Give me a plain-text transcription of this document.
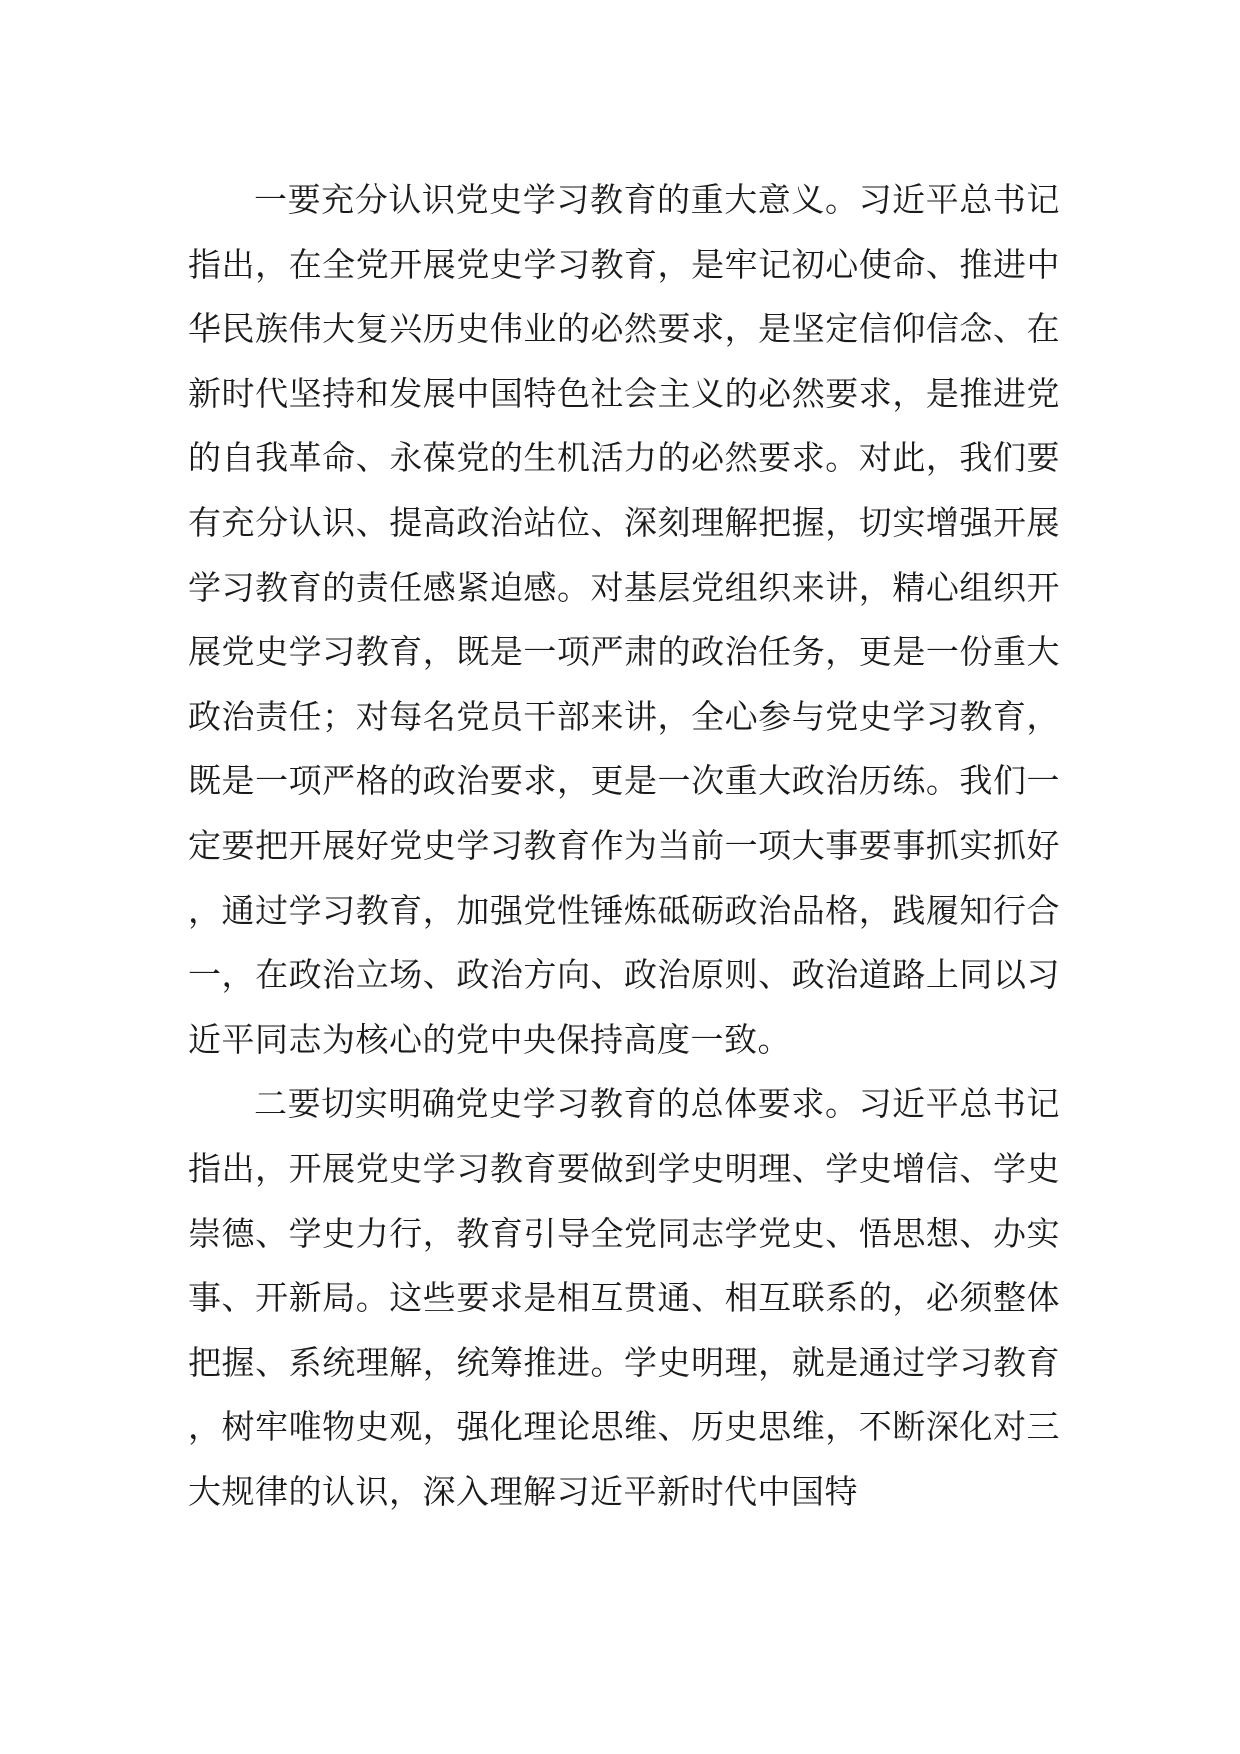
一要充分认识党史学习教育的重大意义。习近平总书记指出，在全党开展党史学习教育，是牢记初心使命、推进中华民族伟大复兴历史伟业的必然要求，是坚定信仰信念、在新时代坚持和发展中国特色社会主义的必然要求，是推进党的自我革命、永葆党的生机活力的必然要求。对此，我们要有充分认识、提高政治站位、深刻理解把握，切实增强开展学习教育的责任感紧迫感。对基层党组织来讲，精心组织开展党史学习教育，既是一项严肃的政治任务，更是一份重大政治责任；对每名党员干部来讲，全心参与党史学习教育，既是一项严格的政治要求，更是一次重大政治历练。我们一定要把开展好党史学习教育作为当前一项大事要事抓实抓好，通过学习教育，加强党性锤炼砥砺政治品格，践履知行合一，在政治立场、政治方向、政治原则、政治道路上同以习近平同志为核心的党中央保持高度一致。

二要切实明确党史学习教育的总体要求。习近平总书记指出，开展党史学习教育要做到学史明理、学史增信、学史崇德、学史力行，教育引导全党同志学党史、悟思想、办实事、开新局。这些要求是相互贯通、相互联系的，必须整体把握、系统理解，统筹推进。学史明理，就是通过学习教育，树牢唯物史观，强化理论思维、历史思维，不断深化对三大规律的认识，深入理解习近平新时代中国特
